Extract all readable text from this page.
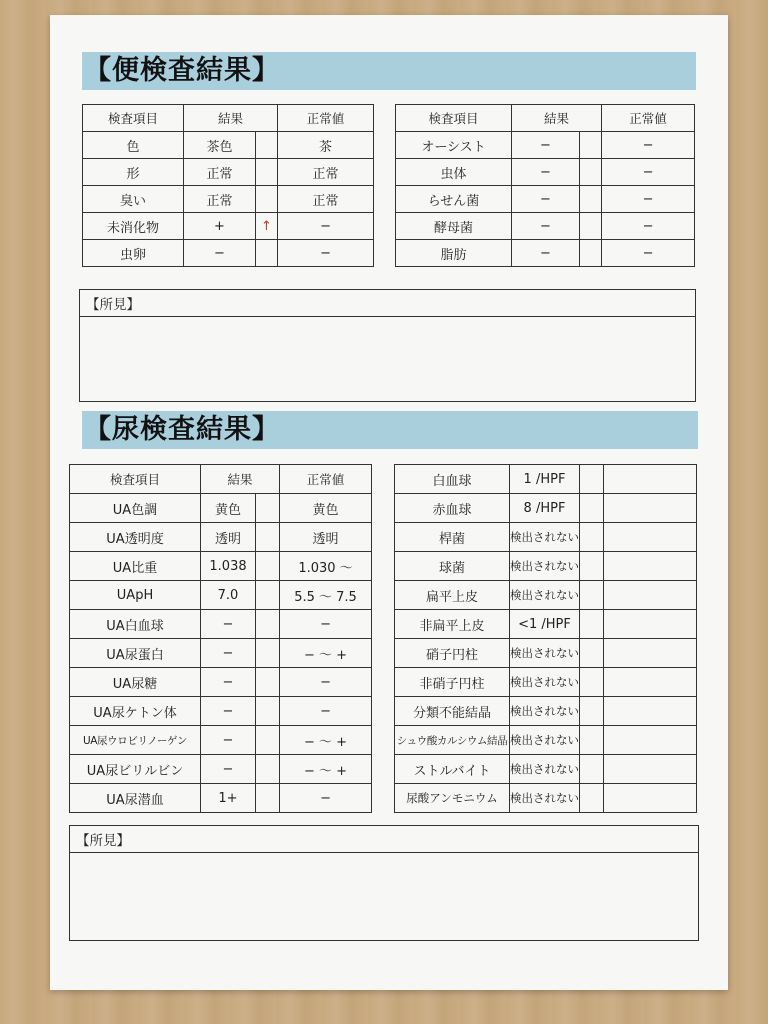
【便検査結果】
検査項目	結果		正常値
色	茶色		茶
形	正常		正常
臭い	正常		正常
未消化物	+	↑	−
虫卵	−		−
検査項目	結果		正常値
オーシスト	−		−
虫体	−		−
らせん菌	−		−
酵母菌	−		−
脂肪	−		−
【所見】
【尿検査結果】
検査項目	結果		正常値
UA色調	黄色		黄色
UA透明度	透明		透明
UA比重	1.038		1.030 〜
UApH	7.0		5.5 〜 7.5
UA白血球	−		−
UA尿蛋白	−		− 〜 +
UA尿糖	−		−
UA尿ケトン体	−		−
UA尿ウロビリノーゲン	−		− 〜 +
UA尿ビリルビン	−		− 〜 +
UA尿潜血	1+		−
白血球	1 /HPF		
赤血球	8 /HPF		
桿菌	検出されない		
球菌	検出されない		
扁平上皮	検出されない		
非扁平上皮	<1 /HPF		
硝子円柱	検出されない		
非硝子円柱	検出されない		
分類不能結晶	検出されない		
シュウ酸カルシウム結晶	検出されない		
ストルバイト	検出されない		
尿酸アンモニウム	検出されない		
【所見】
